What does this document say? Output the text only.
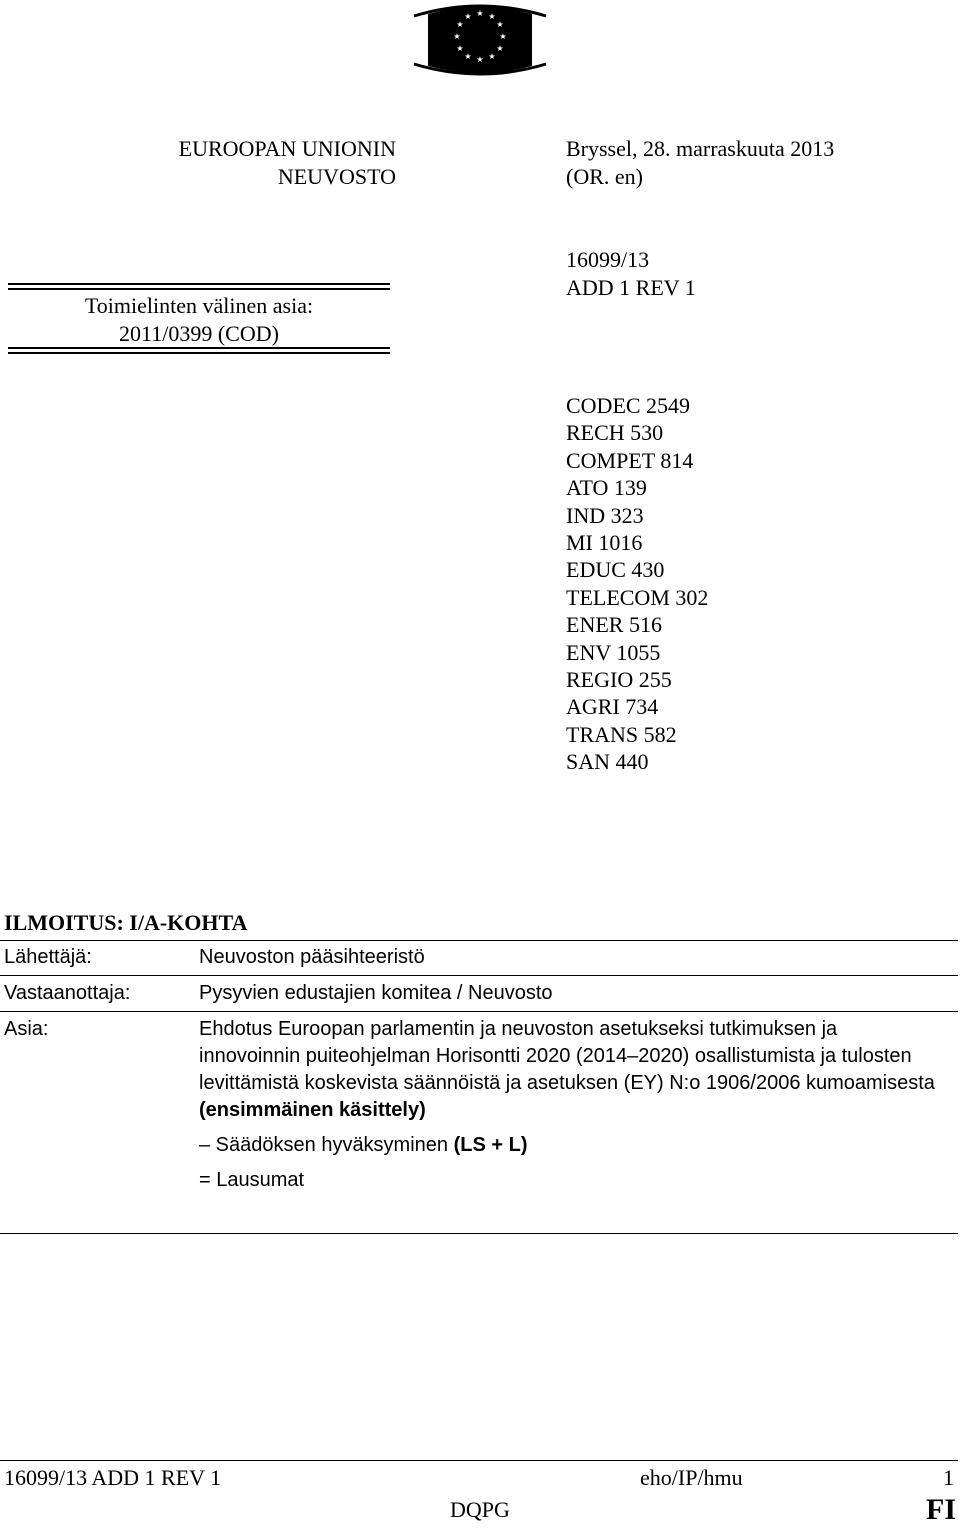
★ ★
★
★
★
★
★
★
★
★
★
★
EUROOPAN UNIONIN
NEUVOSTO
Bryssel, 28. marraskuuta 2013
(OR. en)
Toimielinten välinen asia:
2011/0399 (COD)
16099/13
ADD 1 REV 1
CODEC 2549
RECH 530
COMPET 814
ATO 139
IND 323
MI 1016
EDUC 430
TELECOM 302
ENER 516
ENV 1055
REGIO 255
AGRI 734
TRANS 582
SAN 440
ILMOITUS: I/A-KOHTA
Lähettäjä:	Neuvoston pääsihteeristö
Vastaanottaja:	Pysyvien edustajien komitea / Neuvosto
Asia:	Ehdotus Euroopan parlamentin ja neuvoston asetukseksi tutkimuksen ja innovoinnin puiteohjelman Horisontti 2020 (2014–2020) osallistumista ja tulosten levittämistä koskevista säännöistä ja asetuksen (EY) N:o 1906/2006 kumoamisesta (ensimmäinen käsittely)

– Säädöksen hyväksyminen (LS + L)

= Lausumat

16099/13 ADD 1 REV 1	eho/IP/hmu	1
DQPG	FI
